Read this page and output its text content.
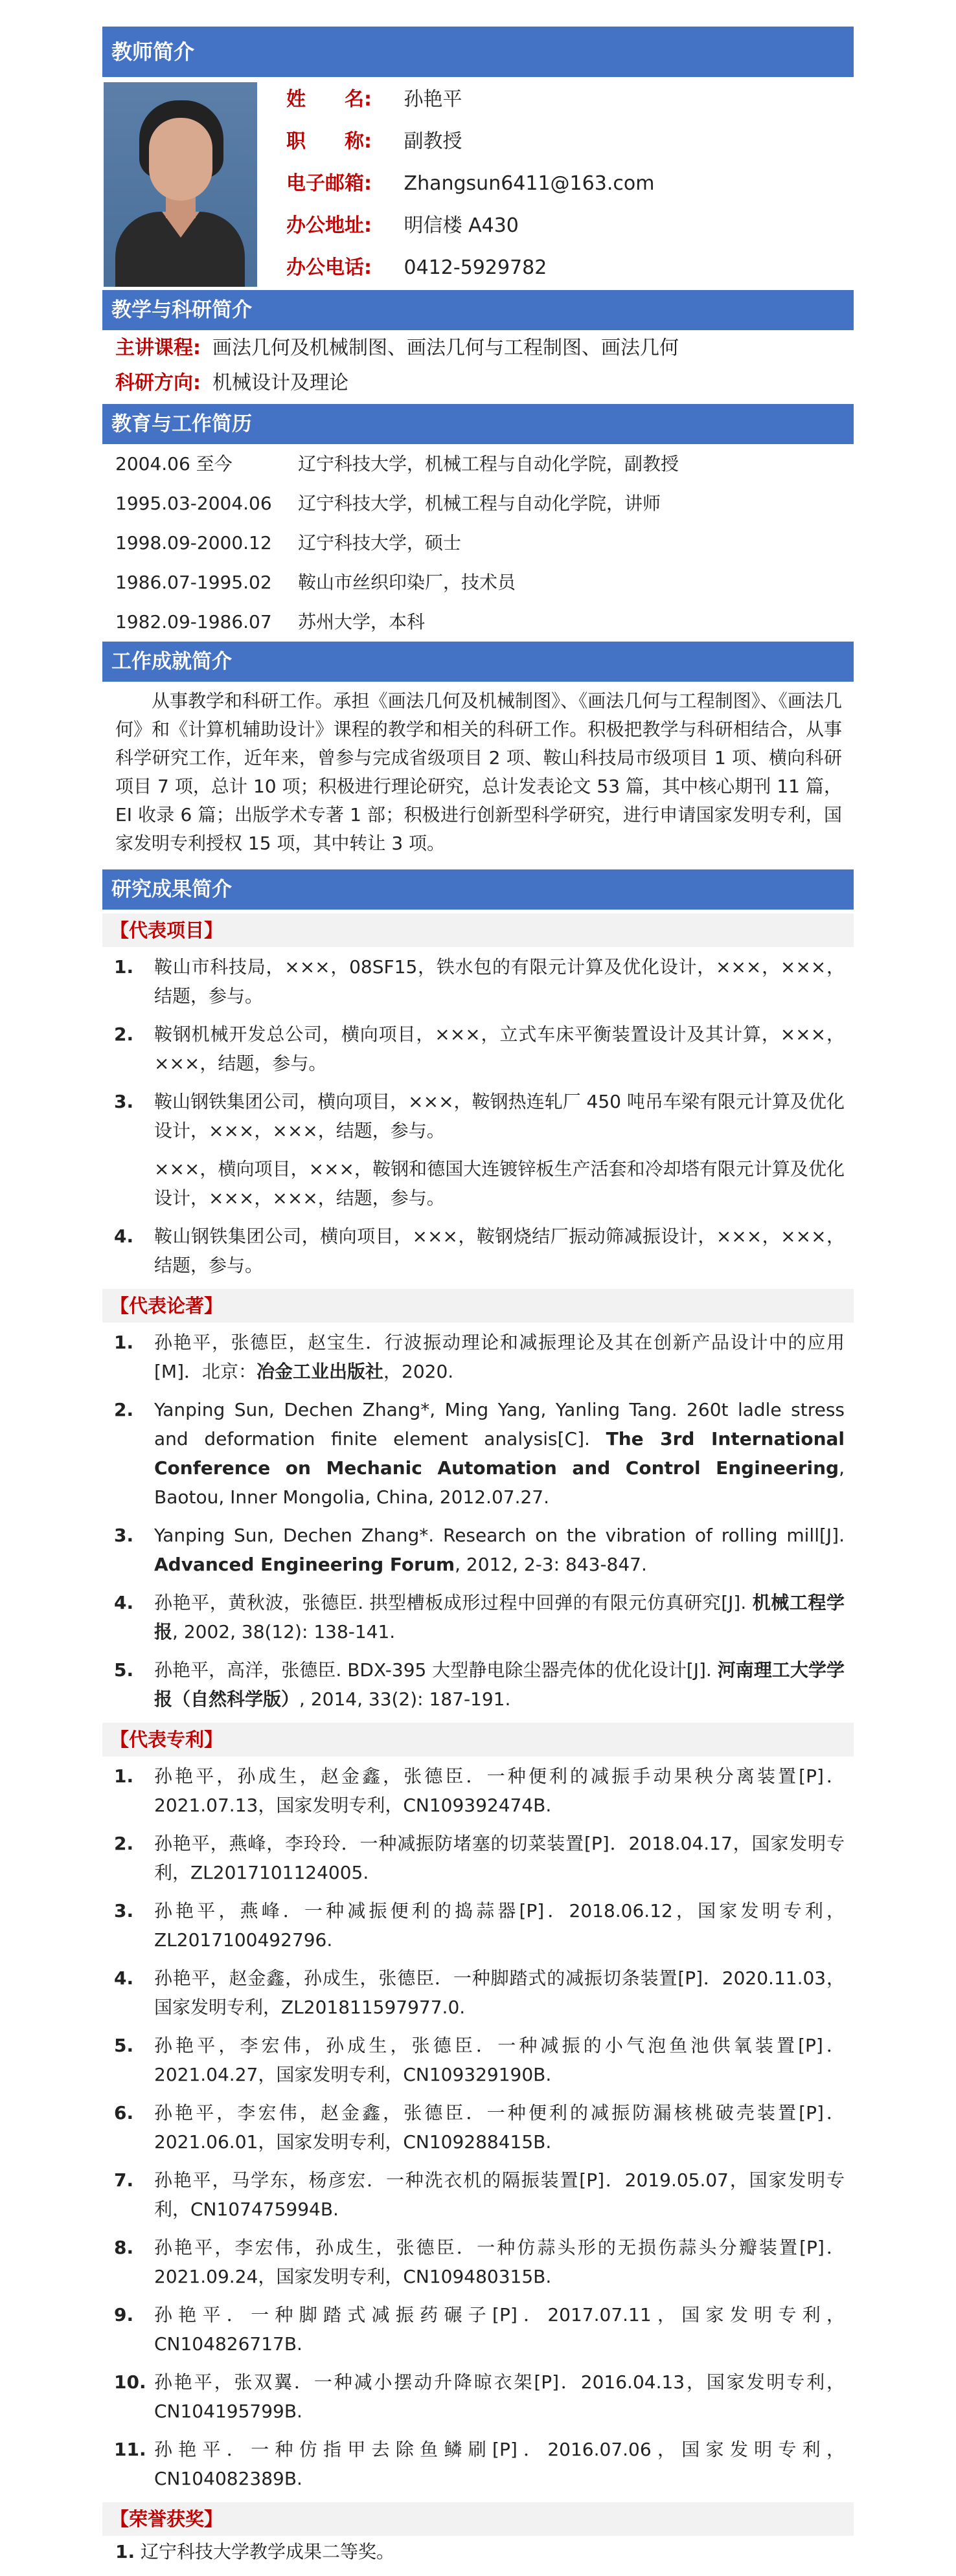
教师简介
姓　　名: 孙艳平
职　　称: 副教授
电子邮箱: Zhangsun6411@163.com
办公地址: 明信楼 A430
办公电话: 0412-5929782
教学与科研简介
主讲课程: 画法几何及机械制图、画法几何与工程制图、画法几何
科研方向: 机械设计及理论
教育与工作简历
2004.06 至今	辽宁科技大学，机械工程与自动化学院，副教授
1995.03-2004.06 辽宁科技大学，机械工程与自动化学院，讲师
1998.09-2000.12 辽宁科技大学，硕士
1986.07-1995.02 鞍山市丝织印染厂，技术员
1982.09-1986.07 苏州大学，本科
工作成就简介
从事教学和科研工作。承担《画法几何及机械制图》、《画法几何与工程制图》、《画法几何》和《计算机辅助设计》课程的教学和相关的科研工作。积极把教学与科研相结合，从事科学研究工作，近年来，曾参与完成省级项目 2 项、鞍山科技局市级项目 1 项、横向科研项目 7 项，总计 10 项；积极进行理论研究，总计发表论文 53 篇，其中核心期刊 11 篇，EI 收录 6 篇；出版学术专著 1 部；积极进行创新型科学研究，进行申请国家发明专利，国家发明专利授权 15 项，其中转让 3 项。
研究成果简介
【代表项目】
1. 鞍山市科技局，×××，08SF15，铁水包的有限元计算及优化设计，×××，×××，结题，参与。
2. 鞍钢机械开发总公司，横向项目，×××，立式车床平衡装置设计及其计算，×××，×××，结题，参与。
3. 鞍山钢铁集团公司，横向项目，×××，鞍钢热连轧厂 450 吨吊车梁有限元计算及优化设计，×××，×××，结题，参与。
×××，横向项目，×××，鞍钢和德国大连镀锌板生产活套和冷却塔有限元计算及优化设计，×××，×××，结题，参与。
4. 鞍山钢铁集团公司，横向项目，×××，鞍钢烧结厂振动筛减振设计，×××，×××，结题，参与。
【代表论著】
1. 孙艳平，张德臣，赵宝生．行波振动理论和减振理论及其在创新产品设计中的应用[M]．北京：冶金工业出版社，2020.
2. Yanping Sun, Dechen Zhang*, Ming Yang, Yanling Tang. 260t ladle stress and deformation finite element analysis[C]. The 3rd International Conference on Mechanic Automation and Control Engineering, Baotou, Inner Mongolia, China, 2012.07.27.
3. Yanping Sun, Dechen Zhang*. Research on the vibration of rolling mill[J]. Advanced Engineering Forum, 2012, 2-3: 843-847.
4. 孙艳平，黄秋波，张德臣. 拱型槽板成形过程中回弹的有限元仿真研究[J]. 机械工程学报, 2002, 38(12): 138-141.
5. 孙艳平，高洋，张德臣. BDX-395 大型静电除尘器壳体的优化设计[J]. 河南理工大学学报（自然科学版）, 2014, 33(2): 187-191.
【代表专利】
1. 孙艳平，孙成生，赵金鑫，张德臣．一种便利的减振手动果秧分离装置[P]．2021.07.13，国家发明专利，CN109392474B.
2. 孙艳平，燕峰，李玲玲．一种减振防堵塞的切菜装置[P]．2018.04.17，国家发明专利，ZL2017101124005.
3. 孙艳平，燕峰．一种减振便利的捣蒜器[P]．2018.06.12，国家发明专利，ZL2017100492796.
4. 孙艳平，赵金鑫，孙成生，张德臣．一种脚踏式的减振切条装置[P]．2020.11.03，国家发明专利，ZL201811597977.0.
5. 孙艳平，李宏伟，孙成生，张德臣．一种减振的小气泡鱼池供氧装置[P]．2021.04.27，国家发明专利，CN109329190B.
6. 孙艳平，李宏伟，赵金鑫，张德臣．一种便利的减振防漏核桃破壳装置[P]．2021.06.01，国家发明专利，CN109288415B.
7. 孙艳平，马学东，杨彦宏．一种洗衣机的隔振装置[P]．2019.05.07，国家发明专利，CN107475994B.
8. 孙艳平，李宏伟，孙成生，张德臣．一种仿蒜头形的无损伤蒜头分瓣装置[P]．2021.09.24，国家发明专利，CN109480315B.
9. 孙艳平．一种脚踏式减振药碾子[P]．2017.07.11，国家发明专利，CN104826717B.
10. 孙艳平，张双翼．一种减小摆动升降晾衣架[P]．2016.04.13，国家发明专利，CN104195799B.
11. 孙艳平．一种仿指甲去除鱼鳞刷[P]．2016.07.06，国家发明专利，CN104082389B.
【荣誉获奖】
1. 辽宁科技大学教学成果二等奖。
